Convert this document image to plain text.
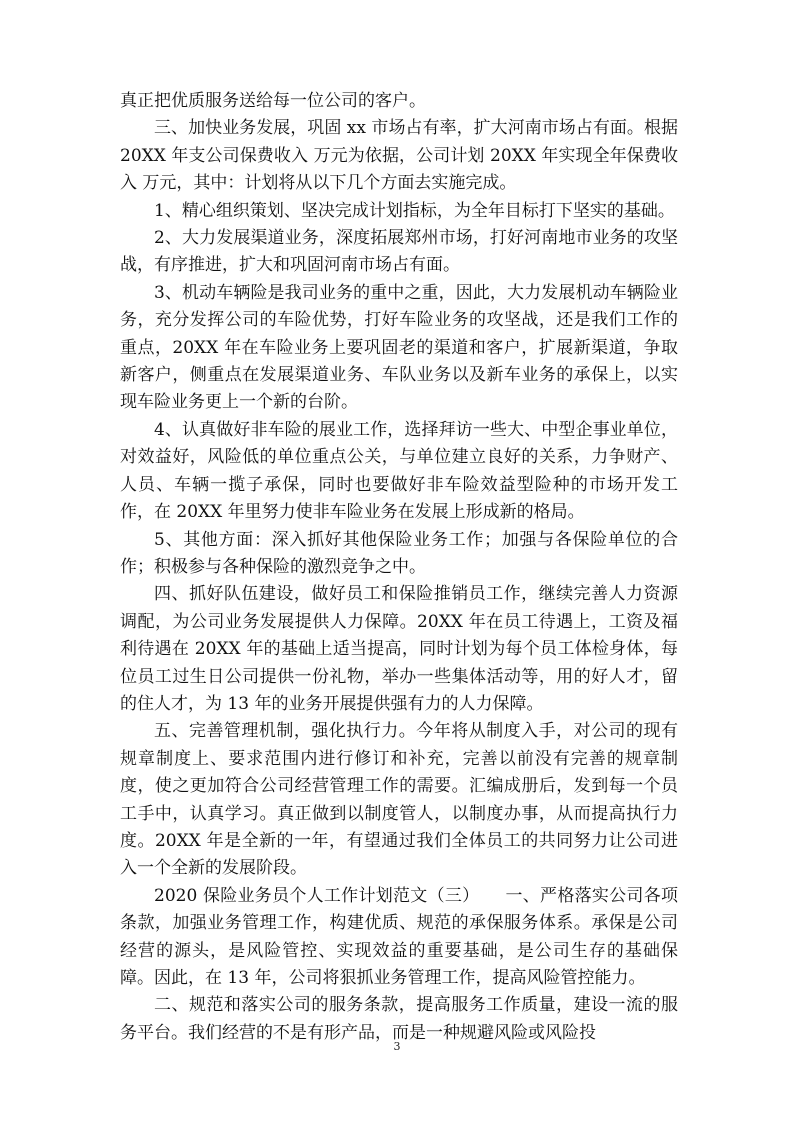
真正把优质服务送给每一位公司的客户。

三、加快业务发展，巩固 xx 市场占有率，扩大河南市场占有面。根据 20XX 年支公司保费收入 万元为依据，公司计划 20XX 年实现全年保费收入 万元，其中：计划将从以下几个方面去实施完成。

1、精心组织策划、坚决完成计划指标，为全年目标打下坚实的基础。

2、大力发展渠道业务，深度拓展郑州市场，打好河南地市业务的攻坚战，有序推进，扩大和巩固河南市场占有面。

3、机动车辆险是我司业务的重中之重，因此，大力发展机动车辆险业务，充分发挥公司的车险优势，打好车险业务的攻坚战，还是我们工作的重点，20XX 年在车险业务上要巩固老的渠道和客户，扩展新渠道，争取新客户，侧重点在发展渠道业务、车队业务以及新车业务的承保上，以实现车险业务更上一个新的台阶。

4、认真做好非车险的展业工作，选择拜访一些大、中型企事业单位，对效益好，风险低的单位重点公关，与单位建立良好的关系，力争财产、人员、车辆一揽子承保，同时也要做好非车险效益型险种的市场开发工作，在 20XX 年里努力使非车险业务在发展上形成新的格局。

5、其他方面：深入抓好其他保险业务工作；加强与各保险单位的合作；积极参与各种保险的激烈竞争之中。

四、抓好队伍建设，做好员工和保险推销员工作，继续完善人力资源调配，为公司业务发展提供人力保障。20XX 年在员工待遇上，工资及福利待遇在 20XX 年的基础上适当提高，同时计划为每个员工体检身体，每位员工过生日公司提供一份礼物，举办一些集体活动等，用的好人才，留的住人才，为 13 年的业务开展提供强有力的人力保障。

五、完善管理机制，强化执行力。今年将从制度入手，对公司的现有规章制度上、要求范围内进行修订和补充，完善以前没有完善的规章制度，使之更加符合公司经营管理工作的需要。汇编成册后，发到每一个员工手中，认真学习。真正做到以制度管人，以制度办事，从而提高执行力度。20XX 年是全新的一年，有望通过我们全体员工的共同努力让公司进入一个全新的发展阶段。

2020 保险业务员个人工作计划范文（三）　　一、严格落实公司各项条款，加强业务管理工作，构建优质、规范的承保服务体系。承保是公司经营的源头，是风险管控、实现效益的重要基础，是公司生存的基础保障。因此，在 13 年，公司将狠抓业务管理工作，提高风险管控能力。

二、规范和落实公司的服务条款，提高服务工作质量，建设一流的服务平台。我们经营的不是有形产品，而是一种规避风险或风险投

3
